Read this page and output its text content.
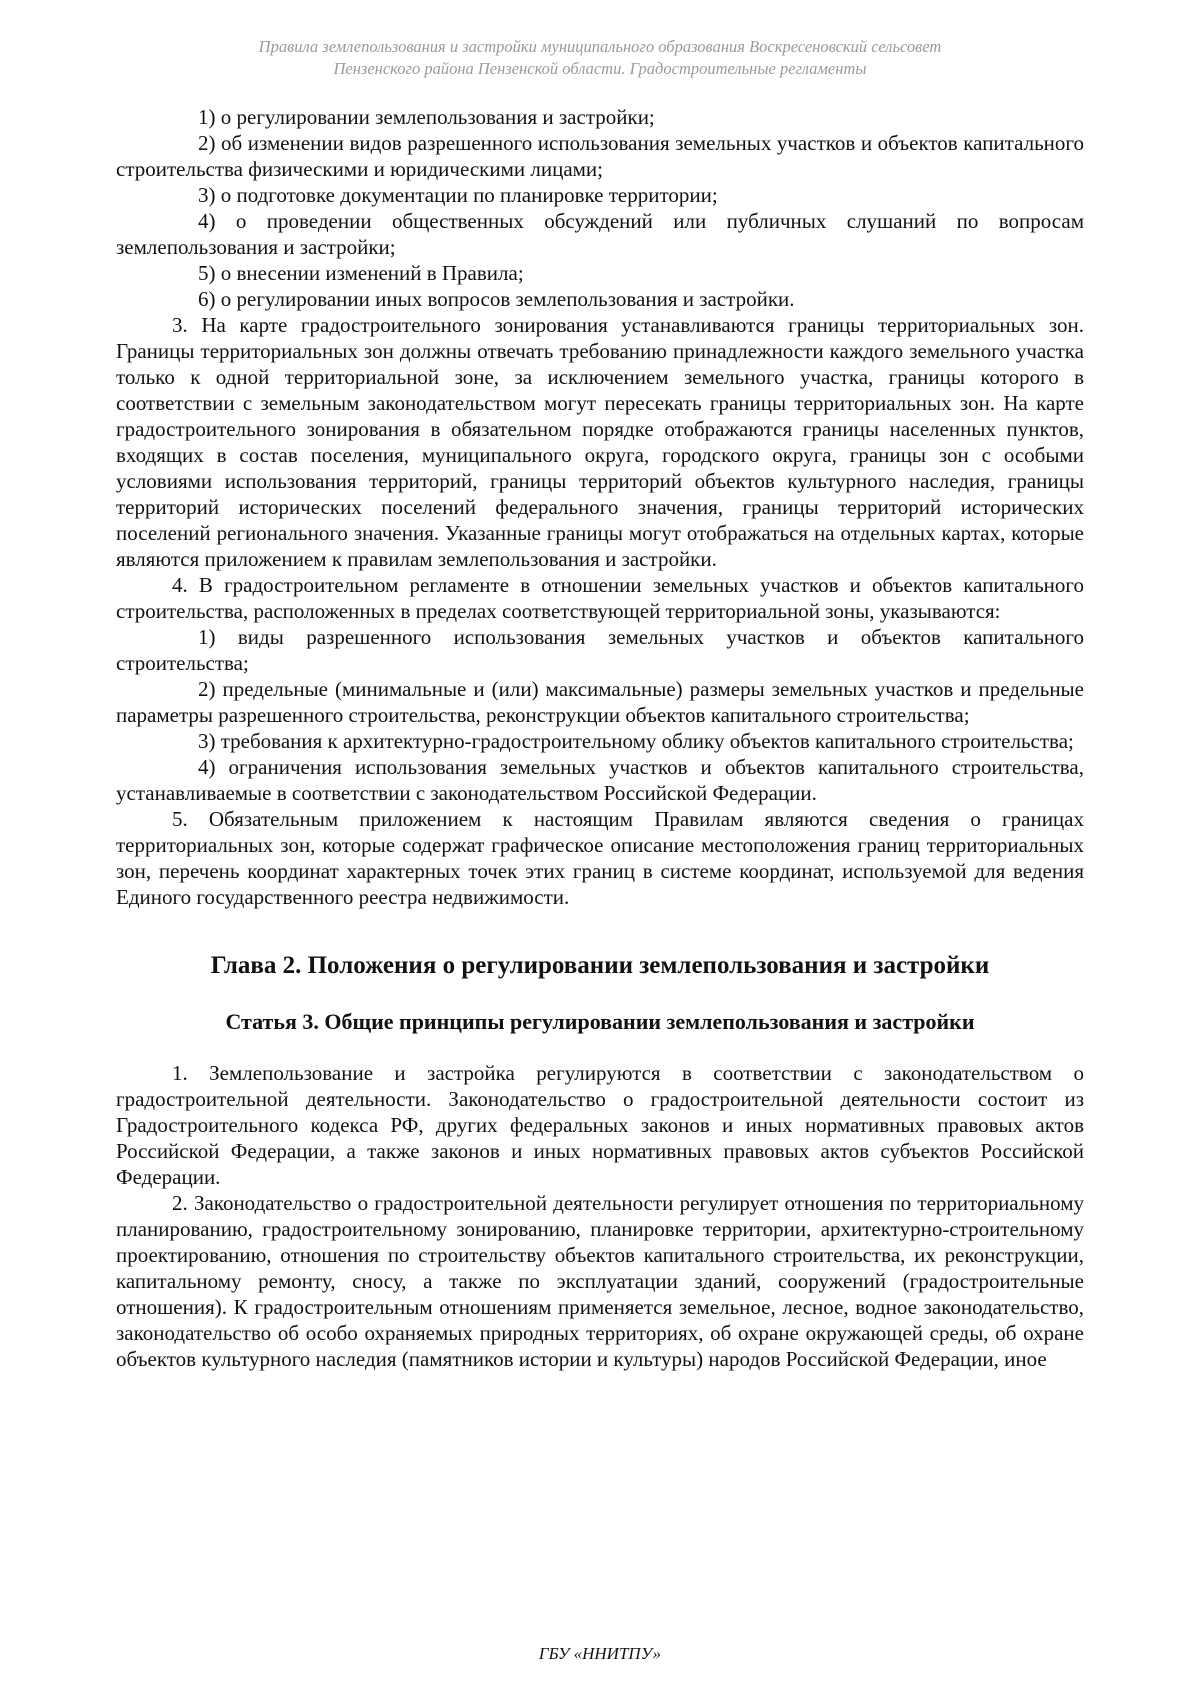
Правила землепользования и застройки муниципального образования Воскресеновский сельсовет
Пензенского района Пензенской области. Градостроительные регламенты

1) о регулировании землепользования и застройки;

2) об изменении видов разрешенного использования земельных участков и объектов капитального строительства физическими и юридическими лицами;

3) о подготовке документации по планировке территории;

4) о проведении общественных обсуждений или публичных слушаний по вопросам землепользования и застройки;

5) о внесении изменений в Правила;

6) о регулировании иных вопросов землепользования и застройки.

3. На карте градостроительного зонирования устанавливаются границы территориальных зон. Границы территориальных зон должны отвечать требованию принадлежности каждого земельного участка только к одной территориальной зоне, за исключением земельного участка, границы которого в соответствии с земельным законодательством могут пересекать границы территориальных зон. На карте градостроительного зонирования в обязательном порядке отображаются границы населенных пунктов, входящих в состав поселения, муниципального округа, городского округа, границы зон с особыми условиями использования территорий, границы территорий объектов культурного наследия, границы территорий исторических поселений федерального значения, границы территорий исторических поселений регионального значения. Указанные границы могут отображаться на отдельных картах, которые являются приложением к правилам землепользования и застройки.

4. В градостроительном регламенте в отношении земельных участков и объектов капитального строительства, расположенных в пределах соответствующей территориальной зоны, указываются:

1) виды разрешенного использования земельных участков и объектов капитального строительства;

2) предельные (минимальные и (или) максимальные) размеры земельных участков и предельные параметры разрешенного строительства, реконструкции объектов капитального строительства;

3) требования к архитектурно-градостроительному облику объектов капитального строительства;

4) ограничения использования земельных участков и объектов капитального строительства, устанавливаемые в соответствии с законодательством Российской Федерации.

5. Обязательным приложением к настоящим Правилам являются сведения о границах территориальных зон, которые содержат графическое описание местоположения границ территориальных зон, перечень координат характерных точек этих границ в системе координат, используемой для ведения Единого государственного реестра недвижимости.

Глава 2. Положения о регулировании землепользования и застройки
Статья 3. Общие принципы регулировании землепользования и застройки

1. Землепользование и застройка регулируются в соответствии с законодательством о градостроительной деятельности. Законодательство о градостроительной деятельности состоит из Градостроительного кодекса РФ, других федеральных законов и иных нормативных правовых актов Российской Федерации, а также законов и иных нормативных правовых актов субъектов Российской Федерации.

2. Законодательство о градостроительной деятельности регулирует отношения по территориальному планированию, градостроительному зонированию, планировке территории, архитектурно-строительному проектированию, отношения по строительству объектов капитального строительства, их реконструкции, капитальному ремонту, сносу, а также по эксплуатации зданий, сооружений (градостроительные отношения). К градостроительным отношениям применяется земельное, лесное, водное законодательство, законодательство об особо охраняемых природных территориях, об охране окружающей среды, об охране объектов культурного наследия (памятников истории и культуры) народов Российской Федерации, иное

ГБУ «ННИТПУ»
